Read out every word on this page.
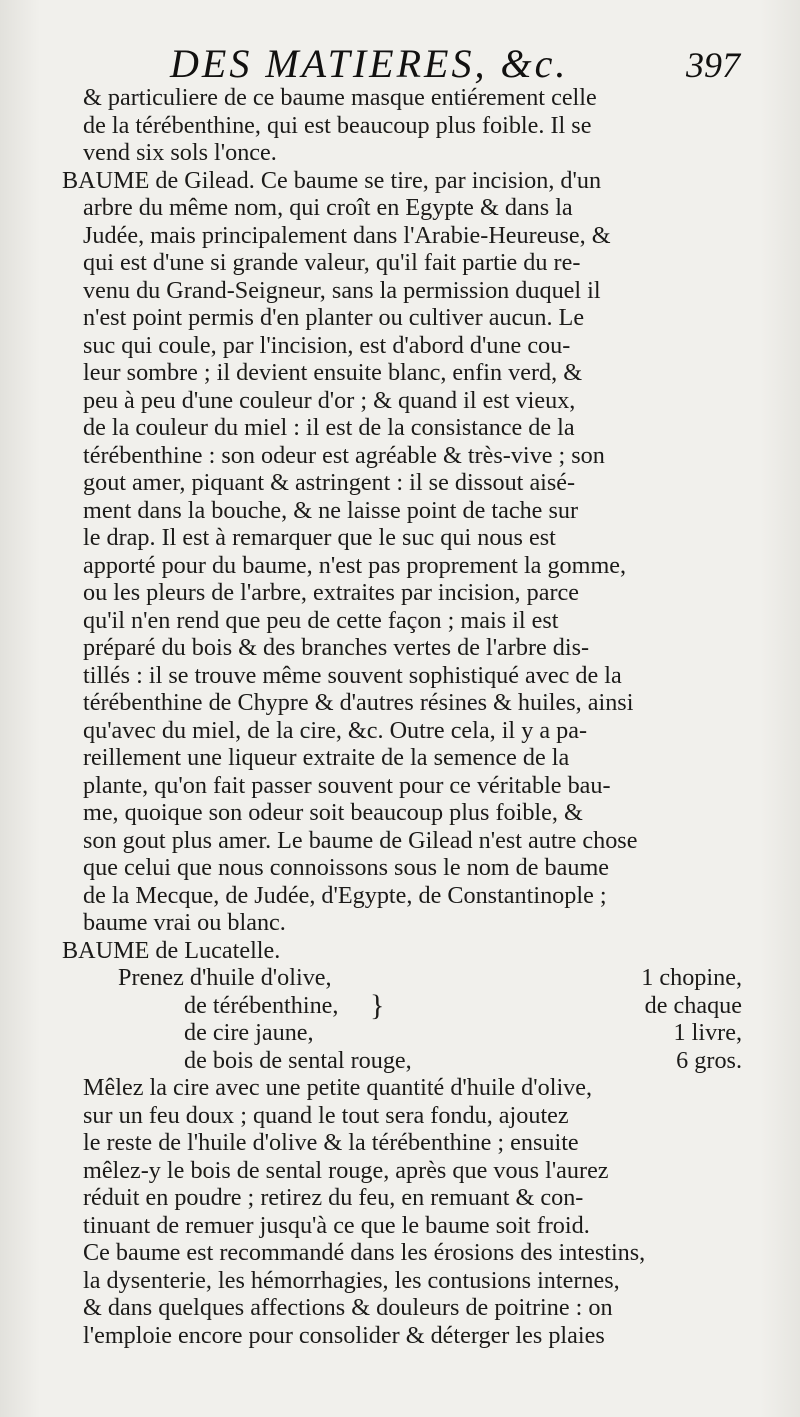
DES MATIERES, &c.	397
& particuliere de ce baume masque entiérement celle
de la térébenthine, qui est beaucoup plus foible. Il se
vend six sols l'once.
BAUME de Gilead. Ce baume se tire, par incision, d'un
arbre du même nom, qui croît en Egypte & dans la
Judée, mais principalement dans l'Arabie-Heureuse, &
qui est d'une si grande valeur, qu'il fait partie du re-
venu du Grand-Seigneur, sans la permission duquel il
n'est point permis d'en planter ou cultiver aucun. Le
suc qui coule, par l'incision, est d'abord d'une cou-
leur sombre ; il devient ensuite blanc, enfin verd, &
peu à peu d'une couleur d'or ; & quand il est vieux,
de la couleur du miel : il est de la consistance de la
térébenthine : son odeur est agréable & très-vive ; son
gout amer, piquant & astringent : il se dissout aisé-
ment dans la bouche, & ne laisse point de tache sur
le drap. Il est à remarquer que le suc qui nous est
apporté pour du baume, n'est pas proprement la gomme,
ou les pleurs de l'arbre, extraites par incision, parce
qu'il n'en rend que peu de cette façon ; mais il est
préparé du bois & des branches vertes de l'arbre dis-
tillés : il se trouve même souvent sophistiqué avec de la
térébenthine de Chypre & d'autres résines & huiles, ainsi
qu'avec du miel, de la cire, &c. Outre cela, il y a pa-
reillement une liqueur extraite de la semence de la
plante, qu'on fait passer souvent pour ce véritable bau-
me, quoique son odeur soit beaucoup plus foible, &
son gout plus amer. Le baume de Gilead n'est autre chose
que celui que nous connoissons sous le nom de baume
de la Mecque, de Judée, d'Egypte, de Constantinople ;
baume vrai ou blanc.
BAUME de Lucatelle.
Prenez d'huile d'olive,	1 chopine,
de térébenthine, }	de chaque
de cire jaune,	1 livre,
de bois de sental rouge,	6 gros.
Mêlez la cire avec une petite quantité d'huile d'olive,
sur un feu doux ; quand le tout sera fondu, ajoutez
le reste de l'huile d'olive & la térébenthine ; ensuite
mêlez-y le bois de sental rouge, après que vous l'aurez
réduit en poudre ; retirez du feu, en remuant & con-
tinuant de remuer jusqu'à ce que le baume soit froid.
Ce baume est recommandé dans les érosions des intestins,
la dysenterie, les hémorrhagies, les contusions internes,
& dans quelques affections & douleurs de poitrine : on
l'emploie encore pour consolider & déterger les plaies
